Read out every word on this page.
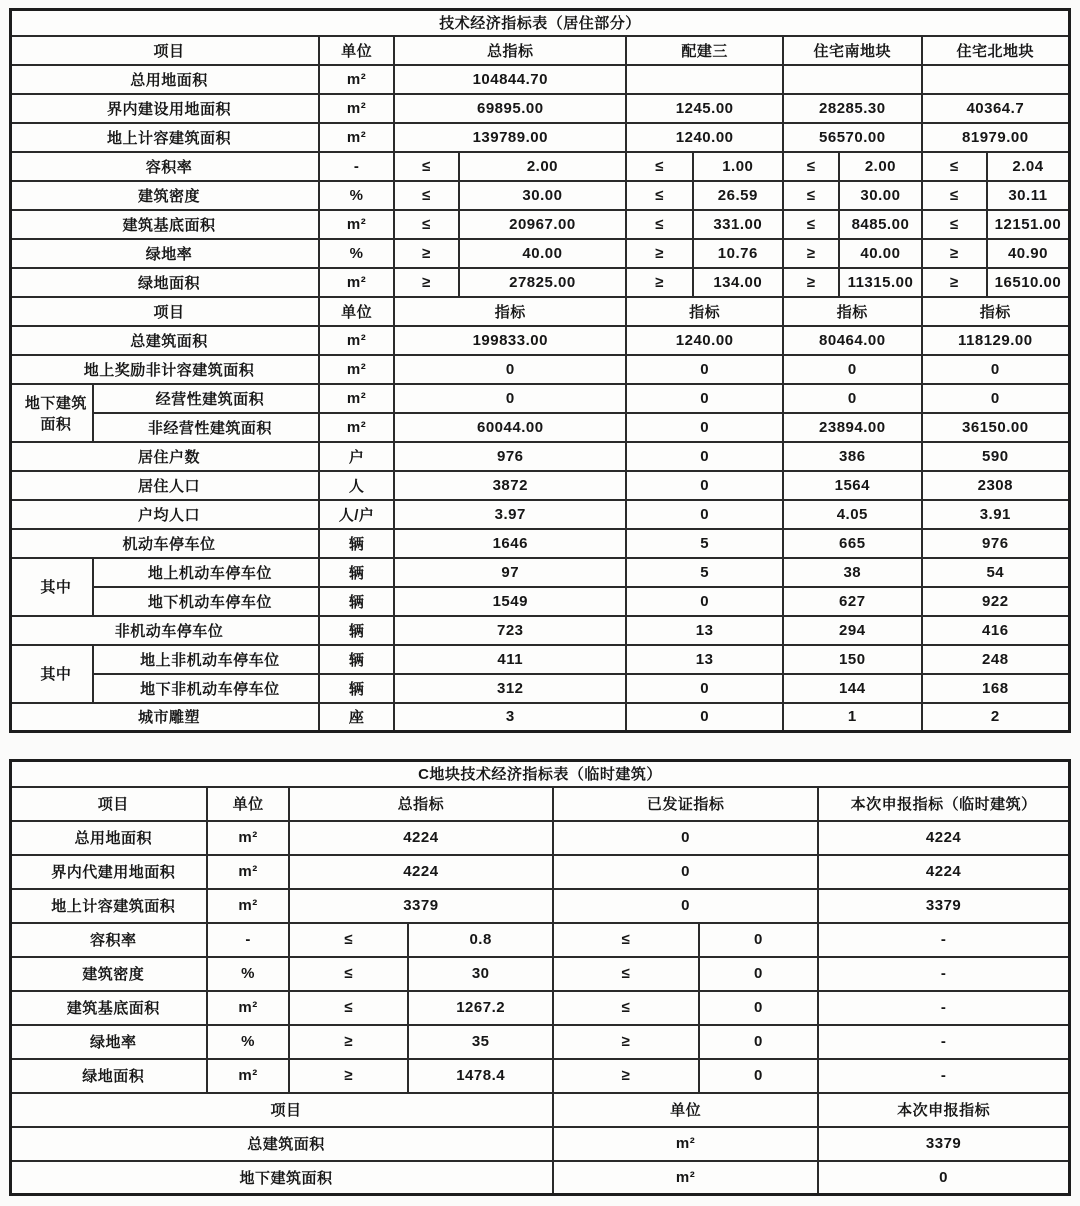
技术经济指标表（居住部分）										
项目		单位	总指标		配建三		住宅南地块		住宅北地块	
总用地面积		m²	104844.70							
界内建设用地面积		m²	69895.00		1245.00		28285.30		40364.7	
地上计容建筑面积		m²	139789.00		1240.00		56570.00		81979.00	
容积率		-	≤	2.00	≤	1.00	≤	2.00	≤	2.04
建筑密度		%	≤	30.00	≤	26.59	≤	30.00	≤	30.11
建筑基底面积		m²	≤	20967.00	≤	331.00	≤	8485.00	≤	12151.00
绿地率		%	≥	40.00	≥	10.76	≥	40.00	≥	40.90
绿地面积		m²	≥	27825.00	≥	134.00	≥	11315.00	≥	16510.00
项目		单位	指标		指标		指标		指标	
总建筑面积		m²	199833.00		1240.00		80464.00		118129.00	
地上奖励非计容建筑面积		m²	0		0		0		0	
地下建筑面积	经营性建筑面积	m²	0		0		0		0	
	非经营性建筑面积	m²	60044.00		0		23894.00		36150.00	
居住户数		户	976		0		386		590	
居住人口		人	3872		0		1564		2308	
户均人口		人/户	3.97		0		4.05		3.91	
机动车停车位		辆	1646		5		665		976	
其中	地上机动车停车位	辆	97		5		38		54	
	地下机动车停车位	辆	1549		0		627		922	
非机动车停车位		辆	723		13		294		416	
其中	地上非机动车停车位	辆	411		13		150		248	
	地下非机动车停车位	辆	312		0		144		168	
城市雕塑		座	3		0		1		2	
C地块技术经济指标表（临时建筑）						
项目	单位	总指标		已发证指标		本次申报指标（临时建筑）
总用地面积	m²	4224		0		4224
界内代建用地面积	m²	4224		0		4224
地上计容建筑面积	m²	3379		0		3379
容积率	-	≤	0.8	≤	0	-
建筑密度	%	≤	30	≤	0	-
建筑基底面积	m²	≤	1267.2	≤	0	-
绿地率	%	≥	35	≥	0	-
绿地面积	m²	≥	1478.4	≥	0	-
项目				单位		本次申报指标
总建筑面积				m²		3379
地下建筑面积				m²		0
